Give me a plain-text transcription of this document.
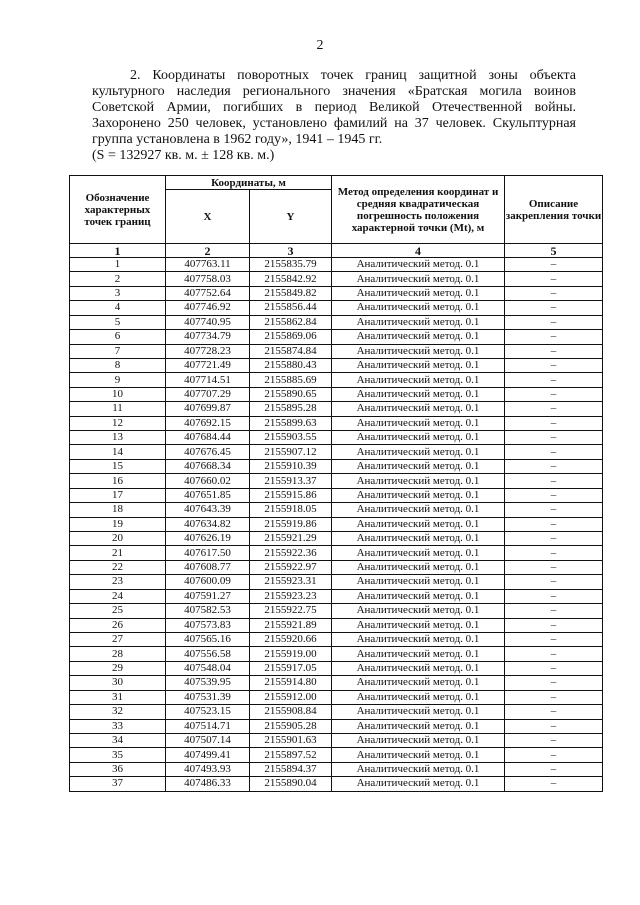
2

2. Координаты поворотных точек границ защитной зоны объекта культурного наследия регионального значения «Братская могила воинов Советской Армии, погибших в период Великой Отечественной войны. Захоронено 250 человек, установлено фамилий на 37 человек. Скульптурная группа установлена в 1962 году», 1941 – 1945 гг.

(S = 132927 кв. м. ± 128 кв. м.)

Обозначение характерных точек границ	Координаты, м		Метод определения координат и средняя квадратическая погрешность положения характерной точки (Mt), м	Описание закрепления точки
	X	Y		
1	2	3	4	5
1	407763.11	2155835.79	Аналитический метод. 0.1	–
2	407758.03	2155842.92	Аналитический метод. 0.1	–
3	407752.64	2155849.82	Аналитический метод. 0.1	–
4	407746.92	2155856.44	Аналитический метод. 0.1	–
5	407740.95	2155862.84	Аналитический метод. 0.1	–
6	407734.79	2155869.06	Аналитический метод. 0.1	–
7	407728.23	2155874.84	Аналитический метод. 0.1	–
8	407721.49	2155880.43	Аналитический метод. 0.1	–
9	407714.51	2155885.69	Аналитический метод. 0.1	–
10	407707.29	2155890.65	Аналитический метод. 0.1	–
11	407699.87	2155895.28	Аналитический метод. 0.1	–
12	407692.15	2155899.63	Аналитический метод. 0.1	–
13	407684.44	2155903.55	Аналитический метод. 0.1	–
14	407676.45	2155907.12	Аналитический метод. 0.1	–
15	407668.34	2155910.39	Аналитический метод. 0.1	–
16	407660.02	2155913.37	Аналитический метод. 0.1	–
17	407651.85	2155915.86	Аналитический метод. 0.1	–
18	407643.39	2155918.05	Аналитический метод. 0.1	–
19	407634.82	2155919.86	Аналитический метод. 0.1	–
20	407626.19	2155921.29	Аналитический метод. 0.1	–
21	407617.50	2155922.36	Аналитический метод. 0.1	–
22	407608.77	2155922.97	Аналитический метод. 0.1	–
23	407600.09	2155923.31	Аналитический метод. 0.1	–
24	407591.27	2155923.23	Аналитический метод. 0.1	–
25	407582.53	2155922.75	Аналитический метод. 0.1	–
26	407573.83	2155921.89	Аналитический метод. 0.1	–
27	407565.16	2155920.66	Аналитический метод. 0.1	–
28	407556.58	2155919.00	Аналитический метод. 0.1	–
29	407548.04	2155917.05	Аналитический метод. 0.1	–
30	407539.95	2155914.80	Аналитический метод. 0.1	–
31	407531.39	2155912.00	Аналитический метод. 0.1	–
32	407523.15	2155908.84	Аналитический метод. 0.1	–
33	407514.71	2155905.28	Аналитический метод. 0.1	–
34	407507.14	2155901.63	Аналитический метод. 0.1	–
35	407499.41	2155897.52	Аналитический метод. 0.1	–
36	407493.93	2155894.37	Аналитический метод. 0.1	–
37	407486.33	2155890.04	Аналитический метод. 0.1	–
